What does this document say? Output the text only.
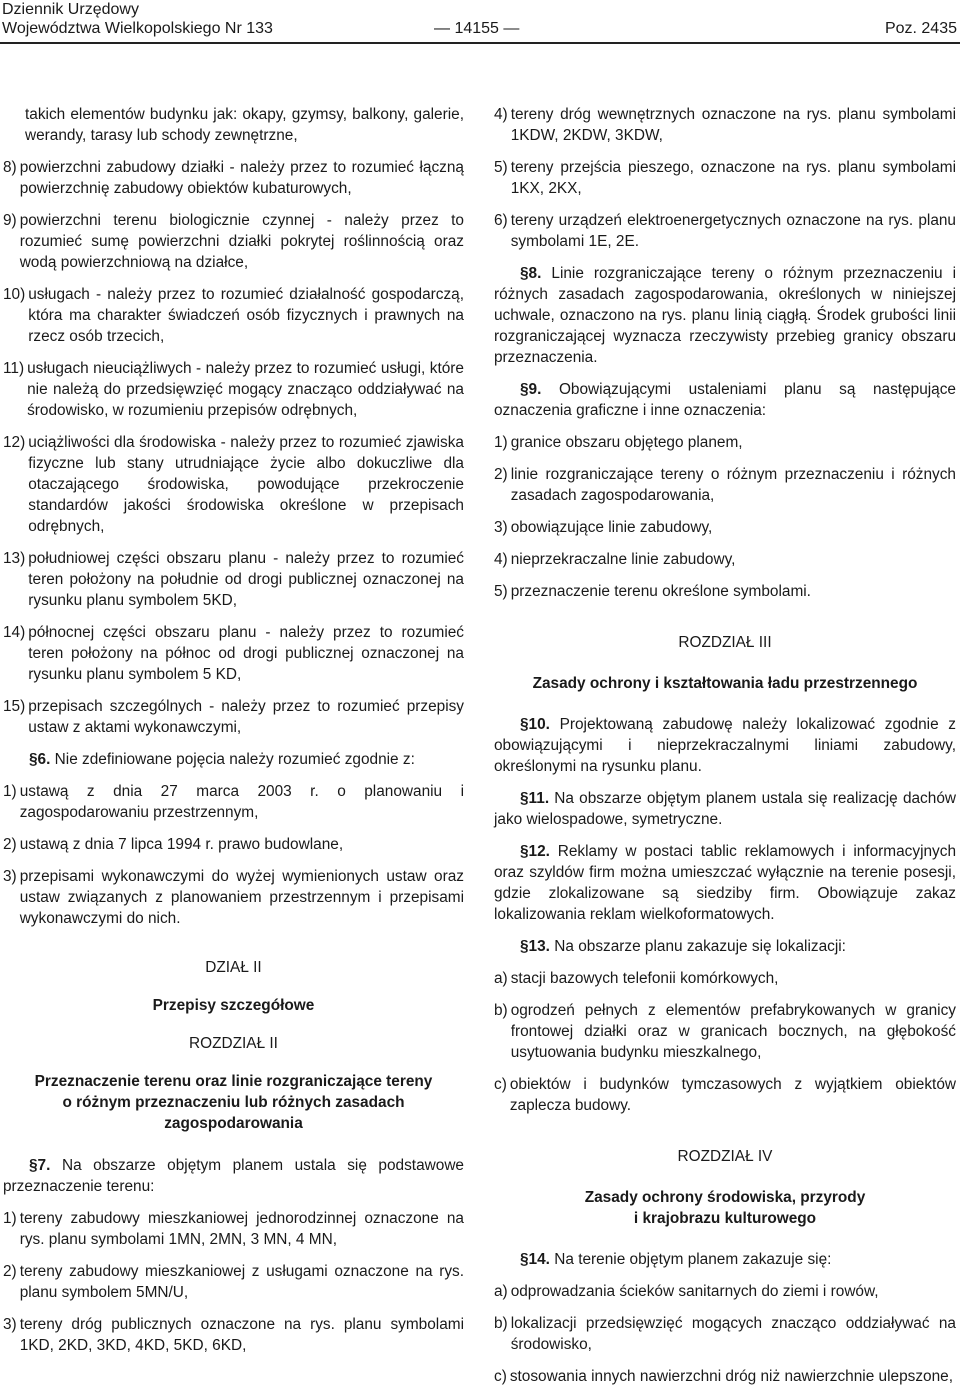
Dziennik Urzędowy
Województwa Wielkopolskiego Nr 133	— 14155 —	Poz. 2435

takich elementów budynku jak: okapy, gzymsy, balkony, galerie, werandy, tarasy lub schody zewnętrzne,

8) powierzchni zabudowy działki - należy przez to rozumieć łączną powierzchnię zabudowy obiektów kubaturowych,
9) powierzchni terenu biologicznie czynnej - należy przez to rozumieć sumę powierzchni działki pokrytej roślinnością oraz wodą powierzchniową na działce,
10) usługach - należy przez to rozumieć działalność gospodarczą, która ma charakter świadczeń osób fizycznych i prawnych na rzecz osób trzecich,
11) usługach nieuciążliwych - należy przez to rozumieć usługi, które nie należą do przedsięwzięć mogący znacząco oddziaływać na środowisko, w rozumieniu przepisów odrębnych,
12) uciążliwości dla środowiska - należy przez to rozumieć zjawiska fizyczne lub stany utrudniające życie albo dokuczliwe dla otaczającego środowiska, powodujące przekroczenie standardów jakości środowiska określone w przepisach odrębnych,
13) południowej części obszaru planu - należy przez to rozumieć teren położony na południe od drogi publicznej oznaczonej na rysunku planu symbolem 5KD,
14) północnej części obszaru planu - należy przez to rozumieć teren położony na północ od drogi publicznej oznaczonej na rysunku planu symbolem 5 KD,
15) przepisach szczególnych - należy przez to rozumieć przepisy ustaw z aktami wykonawczymi,

§6. Nie zdefiniowane pojęcia należy rozumieć zgodnie z:

1) ustawą z dnia 27 marca 2003 r. o planowaniu i zagospodarowaniu przestrzennym,
2) ustawą z dnia 7 lipca 1994 r. prawo budowlane,
3) przepisami wykonawczymi do wyżej wymienionych ustaw oraz ustaw związanych z planowaniem przestrzennym i przepisami wykonawczymi do nich.

DZIAŁ II

Przepisy szczegółowe

ROZDZIAŁ II

Przeznaczenie terenu oraz linie rozgraniczające tereny

o różnym przeznaczeniu lub różnych zasadach

zagospodarowania

§7. Na obszarze objętym planem ustala się podstawowe przeznaczenie terenu:

1) tereny zabudowy mieszkaniowej jednorodzinnej oznaczone na rys. planu symbolami 1MN, 2MN, 3 MN, 4 MN,
2) tereny zabudowy mieszkaniowej z usługami oznaczone na rys. planu symbolem 5MN/U,
3) tereny dróg publicznych oznaczone na rys. planu symbolami 1KD, 2KD, 3KD, 4KD, 5KD, 6KD,
4) tereny dróg wewnętrznych oznaczone na rys. planu symbolami 1KDW, 2KDW, 3KDW,
5) tereny przejścia pieszego, oznaczone na rys. planu symbolami 1KX, 2KX,
6) tereny urządzeń elektroenergetycznych oznaczone na rys. planu symbolami 1E, 2E.

§8. Linie rozgraniczające tereny o różnym przeznaczeniu i różnych zasadach zagospodarowania, określonych w niniejszej uchwale, oznaczono na rys. planu linią ciągłą. Środek grubości linii rozgraniczającej wyznacza rzeczywisty przebieg granicy obszaru przeznaczenia.

§9. Obowiązującymi ustaleniami planu są następujące oznaczenia graficzne i inne oznaczenia:

1) granice obszaru objętego planem,
2) linie rozgraniczające tereny o różnym przeznaczeniu i różnych zasadach zagospodarowania,
3) obowiązujące linie zabudowy,
4) nieprzekraczalne linie zabudowy,
5) przeznaczenie terenu określone symbolami.

ROZDZIAŁ III

Zasady ochrony i kształtowania ładu przestrzennego

§10. Projektowaną zabudowę należy lokalizować zgodnie z obowiązującymi i nieprzekraczalnymi liniami zabudowy, określonymi na rysunku planu.

§11. Na obszarze objętym planem ustala się realizację dachów jako wielospadowe, symetryczne.

§12. Reklamy w postaci tablic reklamowych i informacyjnych oraz szyldów firm można umieszczać wyłącznie na terenie posesji, gdzie zlokalizowane są siedziby firm. Obowiązuje zakaz lokalizowania reklam wielkoformatowych.

§13. Na obszarze planu zakazuje się lokalizacji:

a) stacji bazowych telefonii komórkowych,
b) ogrodzeń pełnych z elementów prefabrykowanych w granicy frontowej działki oraz w granicach bocznych, na głębokość usytuowania budynku mieszkalnego,
c) obiektów i budynków tymczasowych z wyjątkiem obiektów zaplecza budowy.

ROZDZIAŁ IV

Zasady ochrony środowiska, przyrody

i krajobrazu kulturowego

§14. Na terenie objętym planem zakazuje się:

a) odprowadzania ścieków sanitarnych do ziemi i rowów,
b) lokalizacji przedsięwzięć mogących znacząco oddziaływać na środowisko,
c) stosowania innych nawierzchni dróg niż nawierzchnie ulepszone,
